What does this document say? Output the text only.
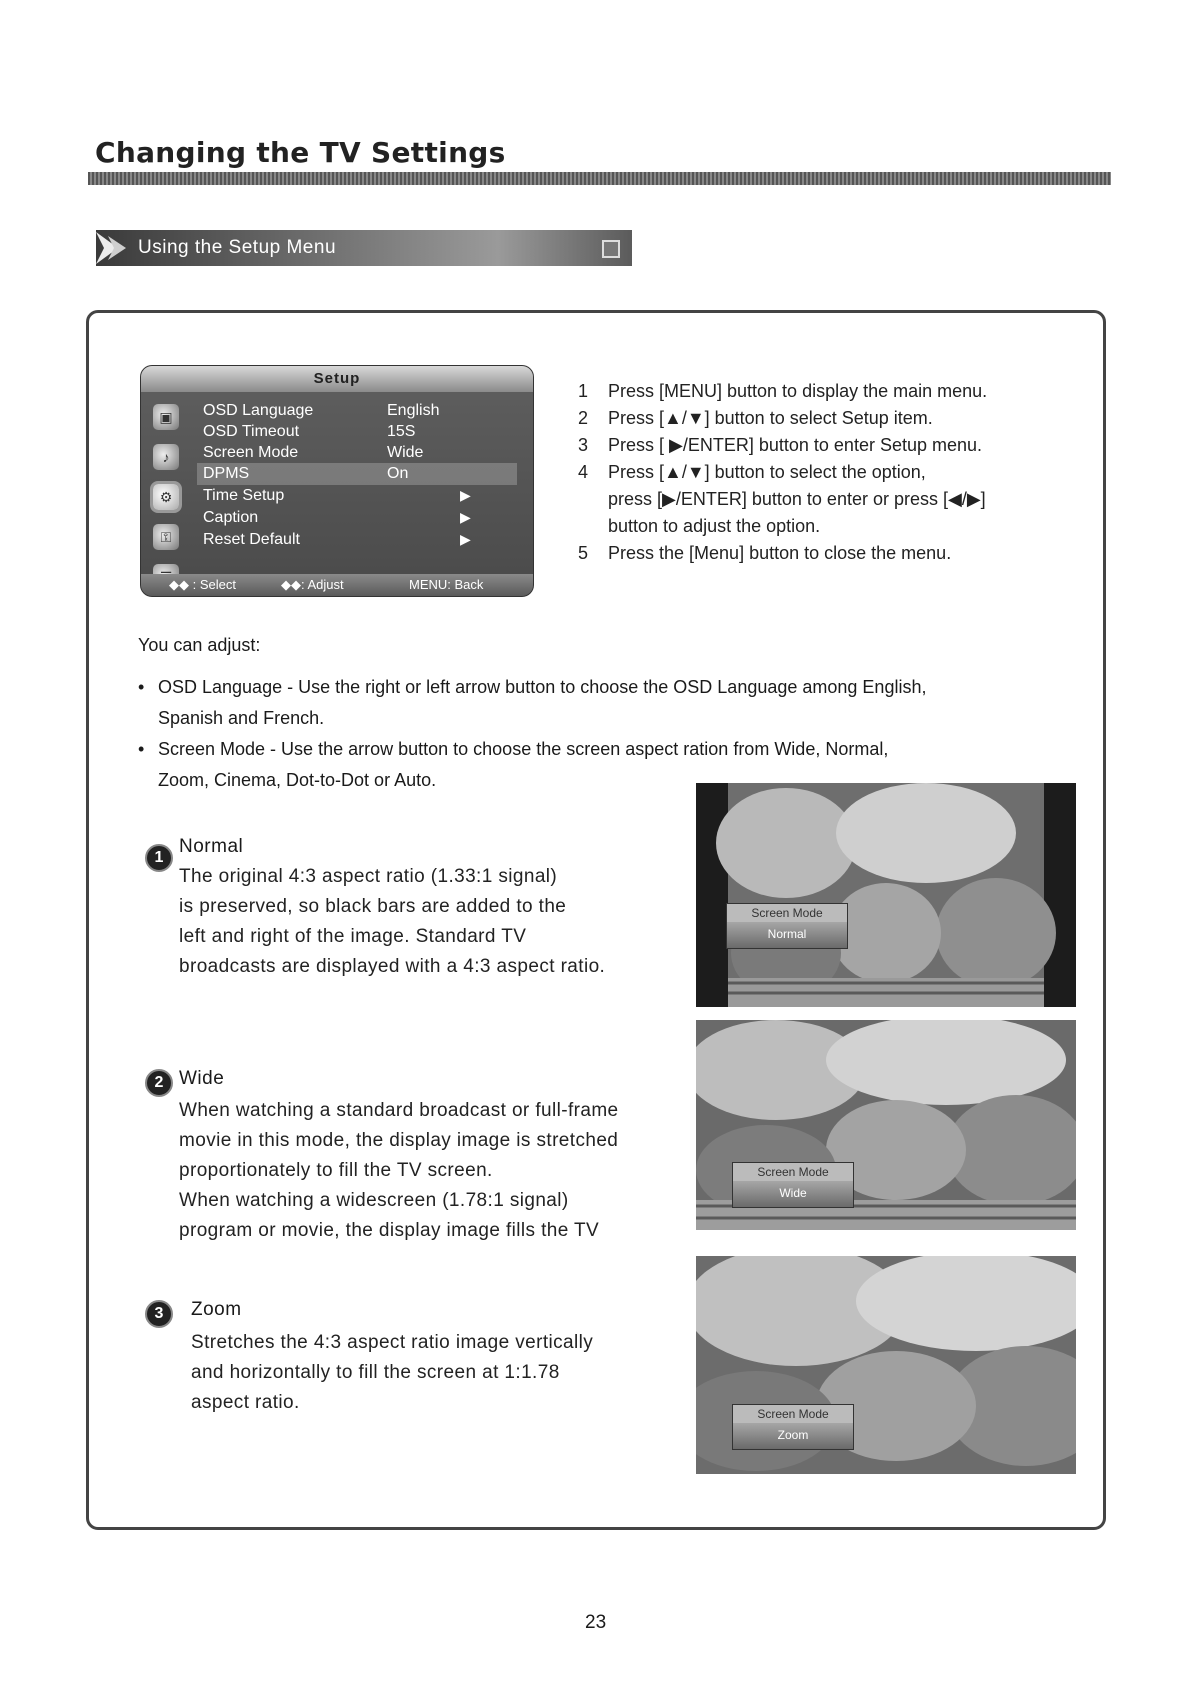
Changing the TV Settings
Using the Setup Menu
Setup
▣
♪
⚙
⚿
OSD Language	English
OSD Timeout	15S
Screen Mode	Wide
DPMS	On
Time Setup	▶
Caption	▶
Reset Default	▶
◆◆ : Select	◆◆: Adjust	MENU: Back
1 Press [MENU] button to display the main menu.
2 Press [▲/▼] button to select Setup item.
3 Press [ ▶/ENTER] button to enter Setup menu.
4 Press [▲/▼] button to select the option,
press [▶/ENTER] button to enter or press [◀/▶]
button to adjust the option.
5 Press the [Menu] button to close the menu.
You can adjust:
• OSD Language - Use the right or left arrow button to choose the OSD Language among English,
Spanish and French.
• Screen Mode - Use the arrow button to choose the screen aspect ration from Wide, Normal,
Zoom, Cinema, Dot-to-Dot or Auto.
1
Normal
The original 4:3 aspect ratio (1.33:1 signal)
is preserved, so black bars are added to the
left and right of the image. Standard TV
broadcasts are displayed with a 4:3 aspect ratio.
2 Wide
When watching a standard broadcast or full-frame
movie in this mode, the display image is stretched
proportionately to fill the TV screen.
When watching a widescreen (1.78:1 signal)
program or movie, the display image fills the TV
3	Zoom
Stretches the 4:3 aspect ratio image vertically
and horizontally to fill the screen at 1:1.78
aspect ratio.
Screen Mode
Normal
Screen Mode
Wide
Screen Mode
Zoom
23
